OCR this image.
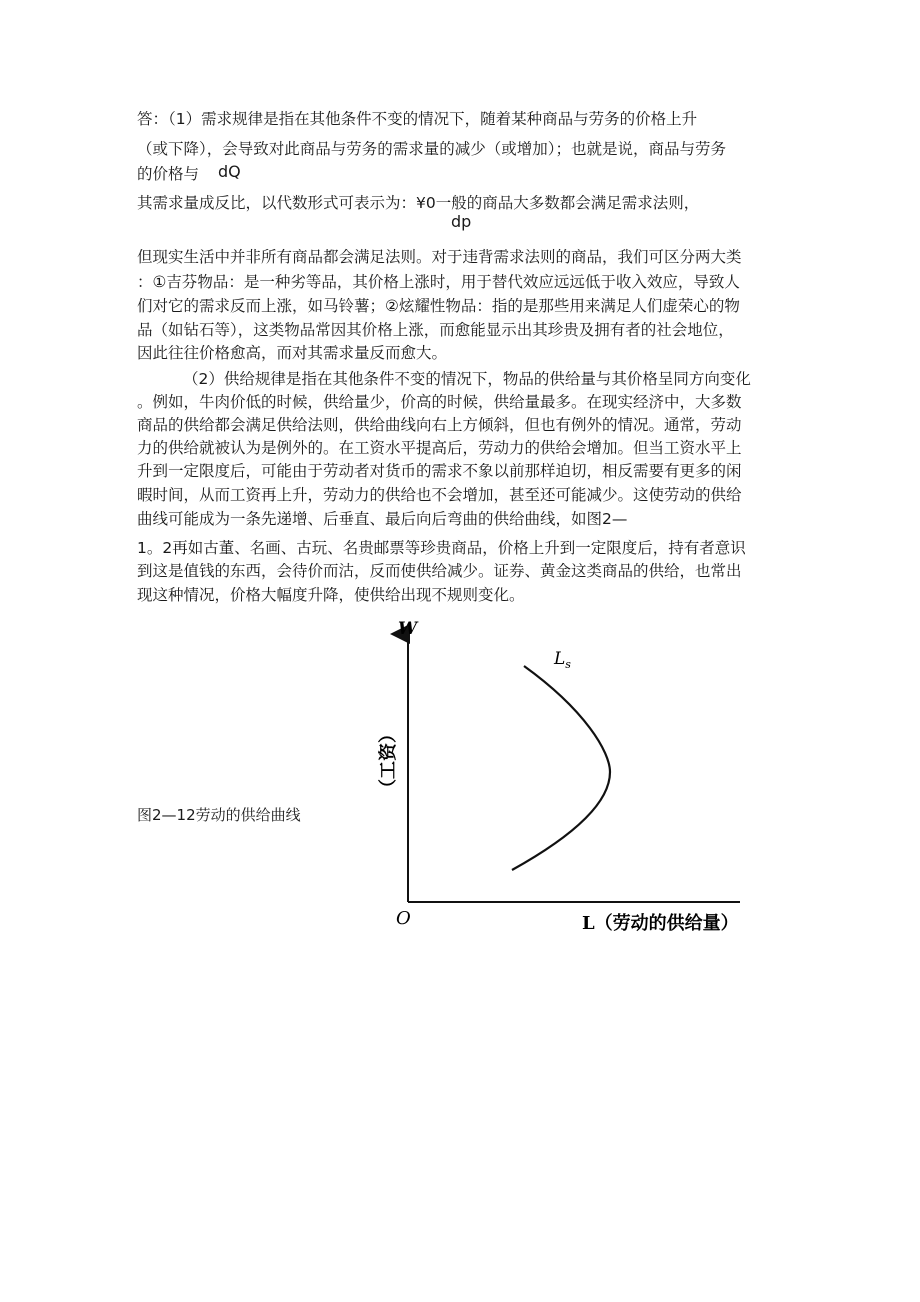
答：（1）需求规律是指在其他条件不变的情况下，随着某种商品与劳务的价格上升

（或下降），会导致对此商品与劳务的需求量的减少（或增加）；也就是说，商品与劳务

的价格与	dQ

其需求量成反比，以代数形式可表示为：¥0一般的商品大多数都会满足需求法则，

dp

但现实生活中并非所有商品都会满足法则。对于违背需求法则的商品，我们可区分两大类

：①吉芬物品：是一种劣等品，其价格上涨时，用于替代效应远远低于收入效应，导致人

们对它的需求反而上涨，如马铃薯；②炫耀性物品：指的是那些用来满足人们虚荣心的物

品（如钻石等），这类物品常因其价格上涨，而愈能显示出其珍贵及拥有者的社会地位，

因此往往价格愈高，而对其需求量反而愈大。

（2）供给规律是指在其他条件不变的情况下，物品的供给量与其价格呈同方向变化

。例如，牛肉价低的时候，供给量少，价高的时候，供给量最多。在现实经济中，大多数

商品的供给都会满足供给法则，供给曲线向右上方倾斜，但也有例外的情况。通常，劳动

力的供给就被认为是例外的。在工资水平提高后，劳动力的供给会增加。但当工资水平上

升到一定限度后，可能由于劳动者对货币的需求不象以前那样迫切，相反需要有更多的闲

暇时间，从而工资再上升，劳动力的供给也不会增加，甚至还可能减少。这使劳动的供给

曲线可能成为一条先递增、后垂直、最后向后弯曲的供给曲线，如图2—

1。2再如古董、名画、古玩、名贵邮票等珍贵商品，价格上升到一定限度后，持有者意识

到这是值钱的东西，会待价而沽，反而使供给减少。证券、黄金这类商品的供给，也常出

现这种情况，价格大幅度升降，使供给出现不规则变化。

图2—12劳动的供给曲线

W
O
（工资）
L（劳动的供给量）
$L_s$
